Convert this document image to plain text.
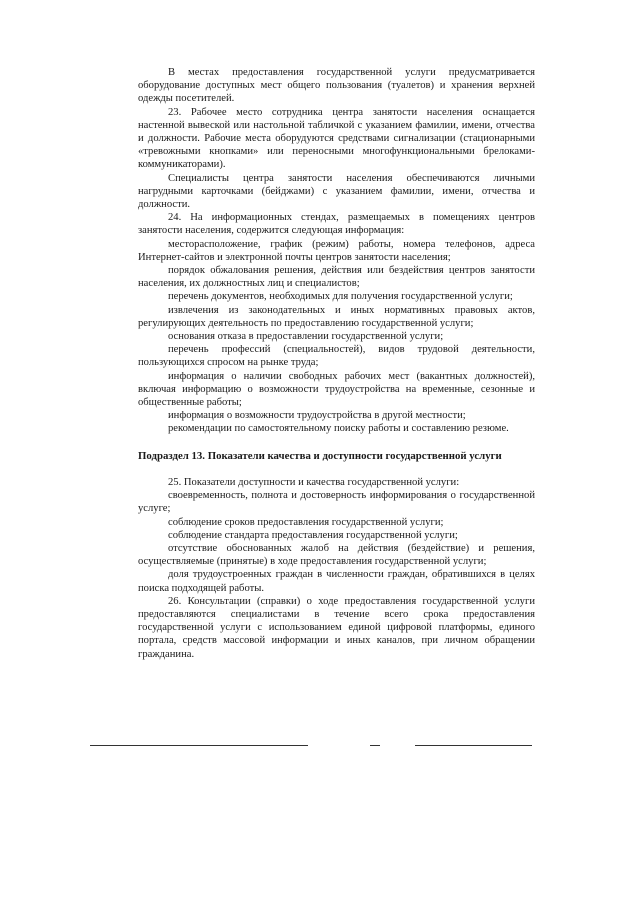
В местах предоставления государственной услуги предусматривается оборудование доступных мест общего пользования (туалетов) и хранения верхней одежды посетителей.

23. Рабочее место сотрудника центра занятости населения оснащается настенной вывеской или настольной табличкой с указанием фамилии, имени, отчества и должности. Рабочие места оборудуются средствами сигнализации (стационарными «тревожными кнопками» или переносными многофункциональными брелоками-коммуникаторами).

Специалисты центра занятости населения обеспечиваются личными нагрудными карточками (бейджами) с указанием фамилии, имени, отчества и должности.

24. На информационных стендах, размещаемых в помещениях центров занятости населения, содержится следующая информация:

месторасположение, график (режим) работы, номера телефонов, адреса Интернет-сайтов и электронной почты центров занятости населения;

порядок обжалования решения, действия или бездействия центров занятости населения, их должностных лиц и специалистов;

перечень документов, необходимых для получения государственной услуги;

извлечения из законодательных и иных нормативных правовых актов, регулирующих деятельность по предоставлению государственной услуги;

основания отказа в предоставлении государственной услуги;

перечень профессий (специальностей), видов трудовой деятельности, пользующихся спросом на рынке труда;

информация о наличии свободных рабочих мест (вакантных должностей), включая информацию о возможности трудоустройства на временные, сезонные и общественные работы;

информация о возможности трудоустройства в другой местности;

рекомендации по самостоятельному поиску работы и составлению резюме.

Подраздел 13. Показатели качества и доступности государственной услуги

25. Показатели доступности и качества государственной услуги:

своевременность, полнота и достоверность информирования о государственной услуге;

соблюдение сроков предоставления государственной услуги;

соблюдение стандарта предоставления государственной услуги;

отсутствие обоснованных жалоб на действия (бездействие) и решения, осуществляемые (принятые) в ходе предоставления государственной услуги;

доля трудоустроенных граждан в численности граждан, обратившихся в целях поиска подходящей работы.

26. Консультации (справки) о ходе предоставления государственной услуги предоставляются специалистами в течение всего срока предоставления государственной услуги с использованием единой цифровой платформы, единого портала, средств массовой информации и иных каналов, при личном обращении гражданина.
